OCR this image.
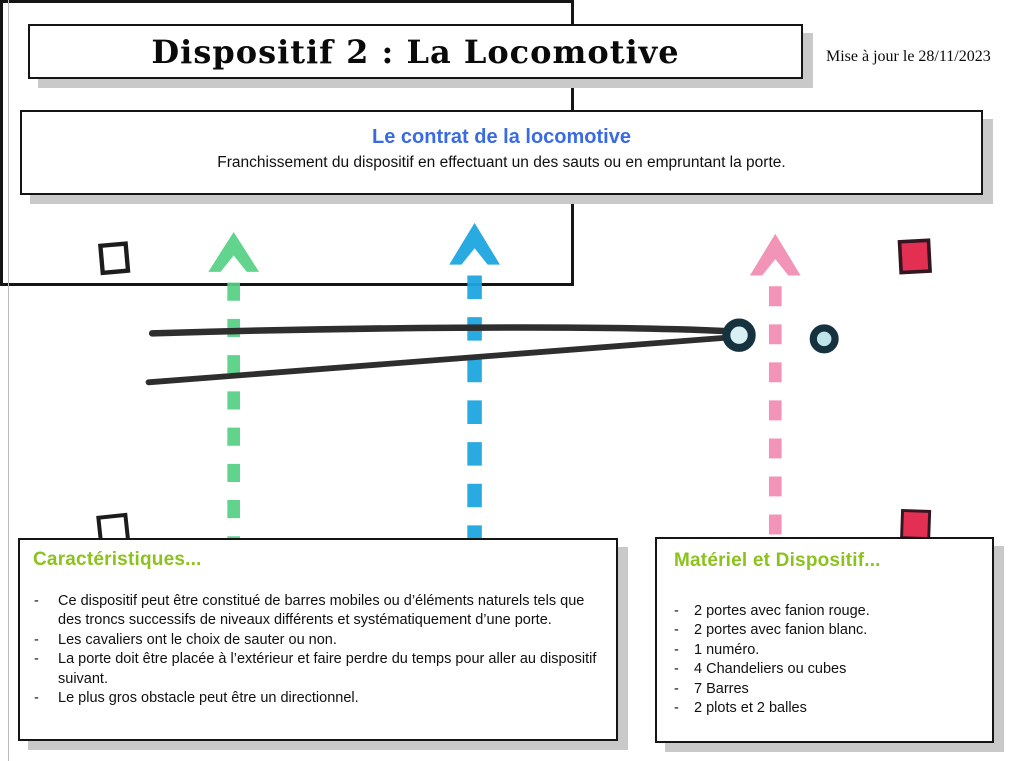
Dispositif 2 : La Locomotive	Mise à jour le 28/11/2023
Le contrat de la locomotive
Franchissement du dispositif en effectuant un des sauts ou en empruntant la porte.
Caractéristiques...
-	Ce dispositif peut être constitué de barres mobiles ou d’éléments naturels tels que des troncs successifs de niveaux différents et systématiquement d’une porte.
-	Les cavaliers ont le choix de sauter ou non.
-	La porte doit être placée à l’extérieur et faire perdre du temps pour aller au dispositif suivant.
-	Le plus gros obstacle peut être un directionnel.
Matériel et Dispositif...
-	2 portes avec fanion rouge.
-	2 portes avec fanion blanc.
-	1 numéro.
-	4 Chandeliers ou cubes
-	7 Barres
-	2 plots et 2 balles
